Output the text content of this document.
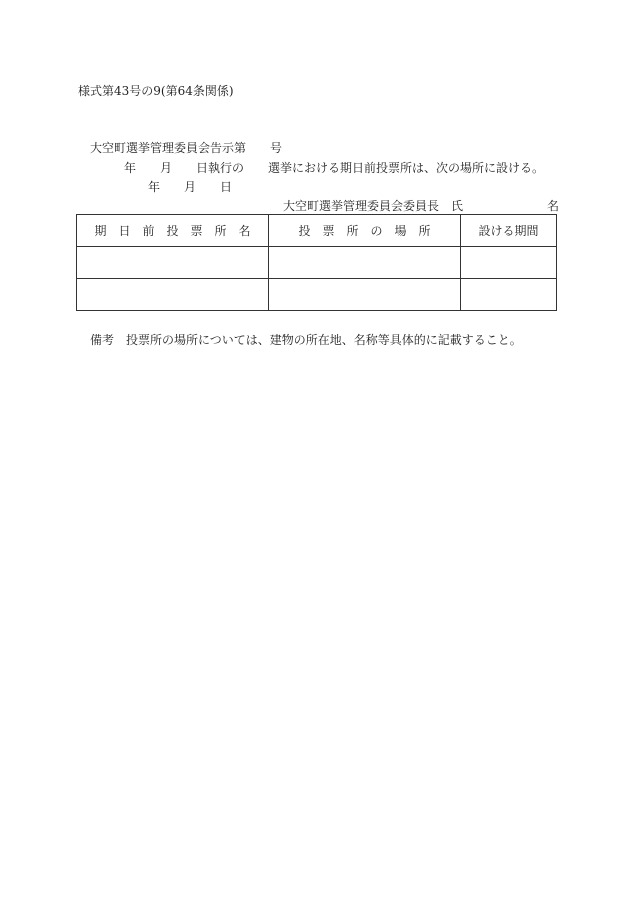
様式第43号の9(第64条関係)

大空町選挙管理委員会告示第　　号

年　　月　　日執行の　　選挙における期日前投票所は、次の場所に設ける。

年　　月　　日

大空町選挙管理委員会委員長　氏　　　　　　　名

期　日　前　投　票　所　名	投　票　所　の　場　所	設ける期間

備考　投票所の場所については、建物の所在地、名称等具体的に記載すること。
